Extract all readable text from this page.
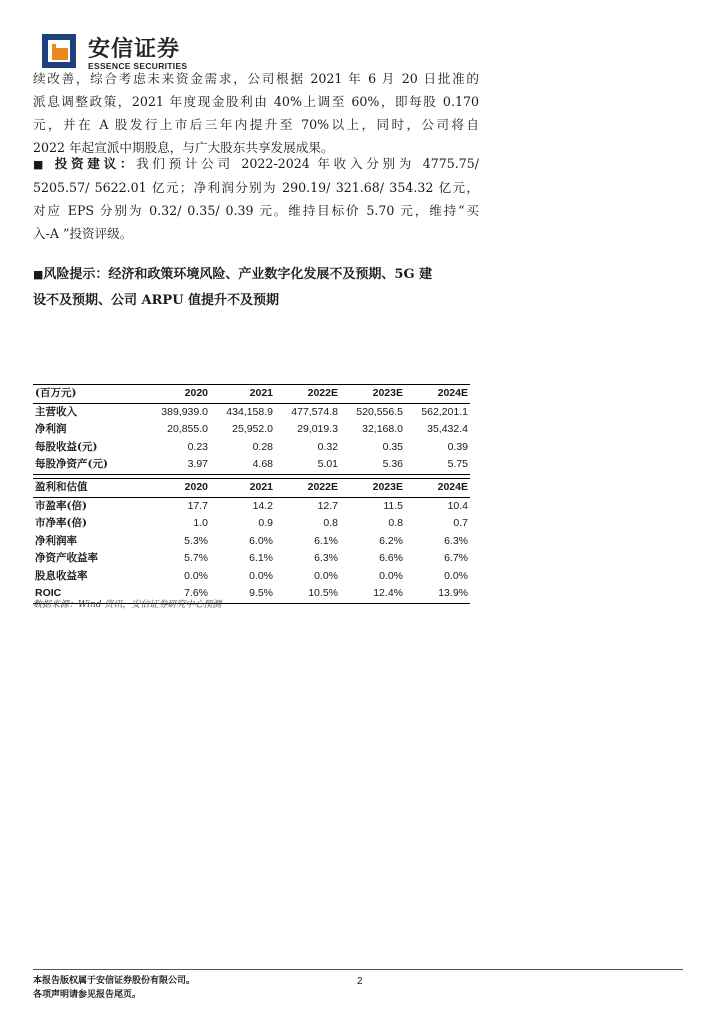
安信证券
ESSENCE SECURITIES
续改善，综合考虑未来资金需求，公司根据 2021 年 6 月 20 日批准的
派息调整政策，2021 年度现金股利由 40%上调至 60%，即每股 0.170
元，并在 A 股发行上市后三年内提升至 70%以上，同时，公司将自
2022 年起宣派中期股息，与广大股东共享发展成果。
■ 投资建议：我们预计公司 2022-2024 年收入分别为 4775.75/
5205.57/ 5622.01 亿元；净利润分别为 290.19/ 321.68/ 354.32 亿元，
对应 EPS 分别为 0.32/ 0.35/ 0.39 元。维持目标价 5.70 元，维持“买
入-A ”投资评级。
■风险提示：经济和政策环境风险、产业数字化发展不及预期、5G 建
设不及预期、公司 ARPU 值提升不及预期
(百万元)	2020	2021	2022E	2023E	2024E
主营收入	389,939.0	434,158.9	477,574.8	520,556.5	562,201.1
净利润	20,855.0	25,952.0	29,019.3	32,168.0	35,432.4
每股收益(元)	0.23	0.28	0.32	0.35	0.39
每股净资产(元)	3.97	4.68	5.01	5.36	5.75
盈利和估值	2020	2021	2022E	2023E	2024E
市盈率(倍)	17.7	14.2	12.7	11.5	10.4
市净率(倍)	1.0	0.9	0.8	0.8	0.7
净利润率	5.3%	6.0%	6.1%	6.2%	6.3%
净资产收益率	5.7%	6.1%	6.3%	6.6%	6.7%
股息收益率	0.0%	0.0%	0.0%	0.0%	0.0%
ROIC	7.6%	9.5%	10.5%	12.4%	13.9%
数据来源：Wind 资讯，安信证券研究中心预测
本报告版权属于安信证券股份有限公司。
各项声明请参见报告尾页。
2
